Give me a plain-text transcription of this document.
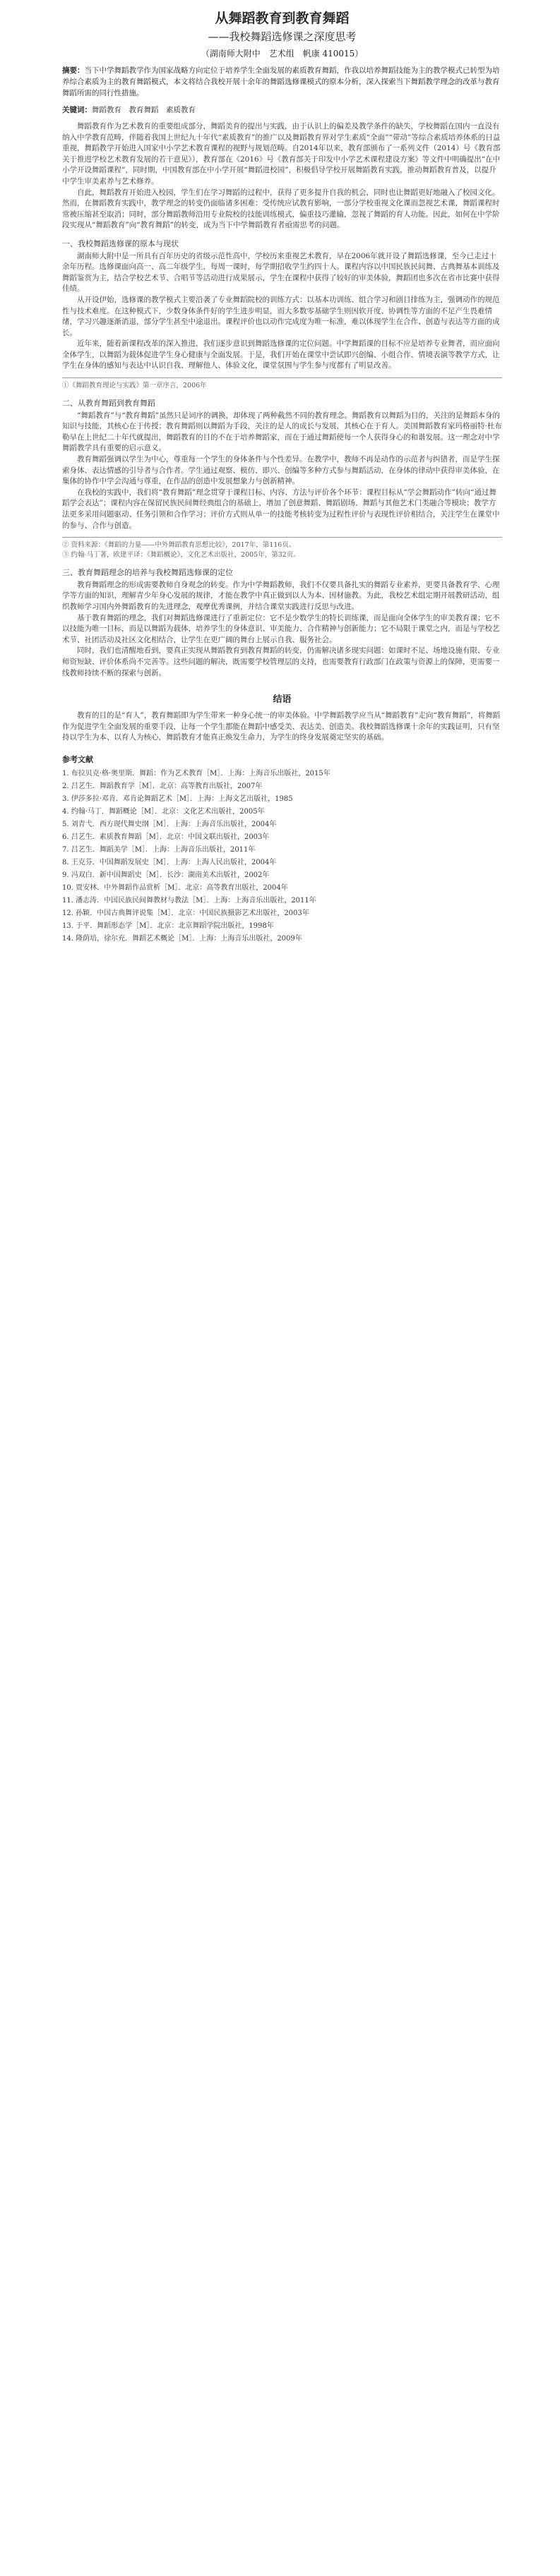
从舞蹈教育到教育舞蹈
——我校舞蹈选修课之深度思考
（湖南师大附中　艺术组　帆康 410015）
摘要：当下中学舞蹈教学作为国家战略方向定位于培养学生全面发展的素质教育舞蹈，作我以培养舞蹈技能为主的教学模式已转型为培养综合素质为主的教育舞蹈模式，本文将结合我校开展十余年的舞蹈选修课模式的原本分析，深入探索当下舞蹈教学理念的改革与教育舞蹈所需的同行性措施。
关键词：舞蹈教育　教育舞蹈　素质教育

舞蹈教育作为艺术教育的重要组成部分，舞蹈美育的提出与实践，由于认识上的偏差及教学条件的缺失，学校舞蹈在国内一直没有纳入中学教育范畴，伴随着我国上世纪九十年代“素质教育”的推广以及舞蹈教育界对学生素质“全面”“带动”等综合素质培养体系的日益重视，舞蹈教学开始进入国家中小学艺术教育课程的视野与规划范畴。自2014年以来，教育部颁布了一系列文件（2014）号《教育部关于推进学校艺术教育发展的若干意见》），教育部在《2016》号《教育部关于印发中小学艺术课程建设方案》等文件中明确提出“在中小学开设舞蹈课程”，同时期，中国教育部在中小学开展“舞蹈进校园”，积极倡导学校开展舞蹈教育实践，推动舞蹈教育普及，以提升中学生审美素养与艺术修养。

自此，舞蹈教育开始进入校园，学生们在学习舞蹈的过程中，获得了更多提升自我的机会，同时也让舞蹈更好地融入了校园文化。然而，在舞蹈教育实践中，教学理念的转变仍面临诸多困难：受传统应试教育影响，一部分学校重视文化课而忽视艺术课，舞蹈课程时常被压缩甚至取消；同时，部分舞蹈教师沿用专业院校的技能训练模式，偏重技巧灌输，忽视了舞蹈的育人功能。因此，如何在中学阶段实现从“舞蹈教育”向“教育舞蹈”的转变，成为当下中学舞蹈教育者亟需思考的问题。

一、我校舞蹈选修课的原本与现状

湖南师大附中是一所具有百年历史的省级示范性高中，学校历来重视艺术教育，早在2006年就开设了舞蹈选修课，至今已走过十余年历程。选修课面向高一、高二年级学生，每周一课时，每学期招收学生约四十人。课程内容以中国民族民间舞、古典舞基本训练及舞蹈鉴赏为主，结合学校艺术节、合唱节等活动进行成果展示，学生在课程中获得了较好的审美体验，舞蹈团也多次在省市比赛中获得佳绩。

从开设伊始，选修课的教学模式主要沿袭了专业舞蹈院校的训练方式：以基本功训练、组合学习和剧目排练为主，强调动作的规范性与技术难度。在这种模式下，少数身体条件好的学生进步明显，而大多数零基础学生则因软开度、协调性等方面的不足产生畏难情绪，学习兴趣逐渐消退，部分学生甚至中途退出。课程评价也以动作完成度为唯一标准，难以体现学生在合作、创造与表达等方面的成长。

近年来，随着新课程改革的深入推进，我们逐步意识到舞蹈选修课的定位问题。中学舞蹈课的目标不应是培养专业舞者，而应面向全体学生，以舞蹈为载体促进学生身心健康与全面发展。于是，我们开始在课堂中尝试即兴创编、小组合作、情境表演等教学方式，让学生在身体的感知与表达中认识自我、理解他人、体验文化，课堂氛围与学生参与度都有了明显改善。

①《舞蹈教育理论与实践》第一章序言，2006年
二、从教育舞蹈到教育舞蹈

“舞蹈教育”与“教育舞蹈”虽然只是词序的调换，却体现了两种截然不同的教育理念。舞蹈教育以舞蹈为目的，关注的是舞蹈本身的知识与技能，其核心在于传授；教育舞蹈则以舞蹈为手段，关注的是人的成长与发展，其核心在于育人。美国舞蹈教育家玛格丽特·杜布勒早在上世纪二十年代就提出，舞蹈教育的目的不在于培养舞蹈家，而在于通过舞蹈使每一个人获得身心的和谐发展。这一理念对中学舞蹈教学具有重要的启示意义。

教育舞蹈强调以学生为中心，尊重每一个学生的身体条件与个性差异。在教学中，教师不再是动作的示范者与纠错者，而是学生探索身体、表达情感的引导者与合作者。学生通过观察、模仿、即兴、创编等多种方式参与舞蹈活动，在身体的律动中获得审美体验，在集体的协作中学会沟通与尊重，在作品的创造中发展想象力与创新精神。

在我校的实践中，我们将“教育舞蹈”理念贯穿于课程目标、内容、方法与评价各个环节：课程目标从“学会舞蹈动作”转向“通过舞蹈学会表达”；课程内容在保留民族民间舞经典组合的基础上，增加了创意舞蹈、舞蹈剧场、舞蹈与其他艺术门类融合等模块；教学方法更多采用问题驱动、任务引领和合作学习；评价方式则从单一的技能考核转变为过程性评价与表现性评价相结合，关注学生在课堂中的参与、合作与创造。

② 资料来源：《舞蹈的力量——中外舞蹈教育思想比较》，2017年，第116页。
③ 约翰·马丁著，欧建平译：《舞蹈概论》，文化艺术出版社，2005年，第32页。
三、教育舞蹈理念的培养与我校舞蹈选修课的定位

教育舞蹈理念的形成需要教师自身观念的转变。作为中学舞蹈教师，我们不仅要具备扎实的舞蹈专业素养，更要具备教育学、心理学等方面的知识，理解青少年身心发展的规律，才能在教学中真正做到以人为本、因材施教。为此，我校艺术组定期开展教研活动，组织教师学习国内外舞蹈教育的先进理念，观摩优秀课例，并结合课堂实践进行反思与改进。

基于教育舞蹈的理念，我们对舞蹈选修课进行了重新定位：它不是少数学生的特长训练课，而是面向全体学生的审美教育课；它不以技能为唯一目标，而是以舞蹈为载体，培养学生的身体意识、审美能力、合作精神与创新能力；它不局限于课堂之内，而是与学校艺术节、社团活动及社区文化相结合，让学生在更广阔的舞台上展示自我、服务社会。

同时，我们也清醒地看到，要真正实现从舞蹈教育到教育舞蹈的转变，仍需解决诸多现实问题：如课时不足、场地设施有限、专业师资短缺、评价体系尚不完善等。这些问题的解决，既需要学校管理层的支持，也需要教育行政部门在政策与资源上的保障，更需要一线教师持续不断的探索与创新。

结语

教育的目的是“育人”，教育舞蹈即为学生带来一种身心统一的审美体验。中学舞蹈教学应当从“舞蹈教育”走向“教育舞蹈”，将舞蹈作为促进学生全面发展的重要手段，让每一个学生都能在舞蹈中感受美、表达美、创造美。我校舞蹈选修课十余年的实践证明，只有坚持以学生为本、以育人为核心，舞蹈教育才能真正焕发生命力，为学生的终身发展奠定坚实的基础。

参考文献
1. 布拉贝克·格·奥里斯．舞蹈：作为艺术教育［M］．上海：上海音乐出版社，2015年
2. 吕艺生．舞蹈教育学［M］．北京：高等教育出版社，2007年
3. 伊莎多拉·邓肯．邓肯论舞蹈艺术［M］．上海：上海文艺出版社，1985
4. 约翰·马丁．舞蹈概论［M］．北京：文化艺术出版社，2005年
5. 刘青弋．西方现代舞史纲［M］．上海：上海音乐出版社，2004年
6. 吕艺生．素质教育舞蹈［M］．北京：中国文联出版社，2003年
7. 吕艺生．舞蹈美学［M］．上海：上海音乐出版社，2011年
8. 王克芬．中国舞蹈发展史［M］．上海：上海人民出版社，2004年
9. 冯双白．新中国舞蹈史［M］．长沙：湖南美术出版社，2002年
10. 贾安林．中外舞蹈作品赏析［M］．北京：高等教育出版社，2004年
11. 潘志涛．中国民族民间舞教材与教法［M］．上海：上海音乐出版社，2011年
12. 孙颖．中国古典舞评说集［M］．北京：中国民族摄影艺术出版社，2003年
13. 于平．舞蹈形态学［M］．北京：北京舞蹈学院出版社，1998年
14. 隆荫培，徐尔充．舞蹈艺术概论［M］．上海：上海音乐出版社，2009年
